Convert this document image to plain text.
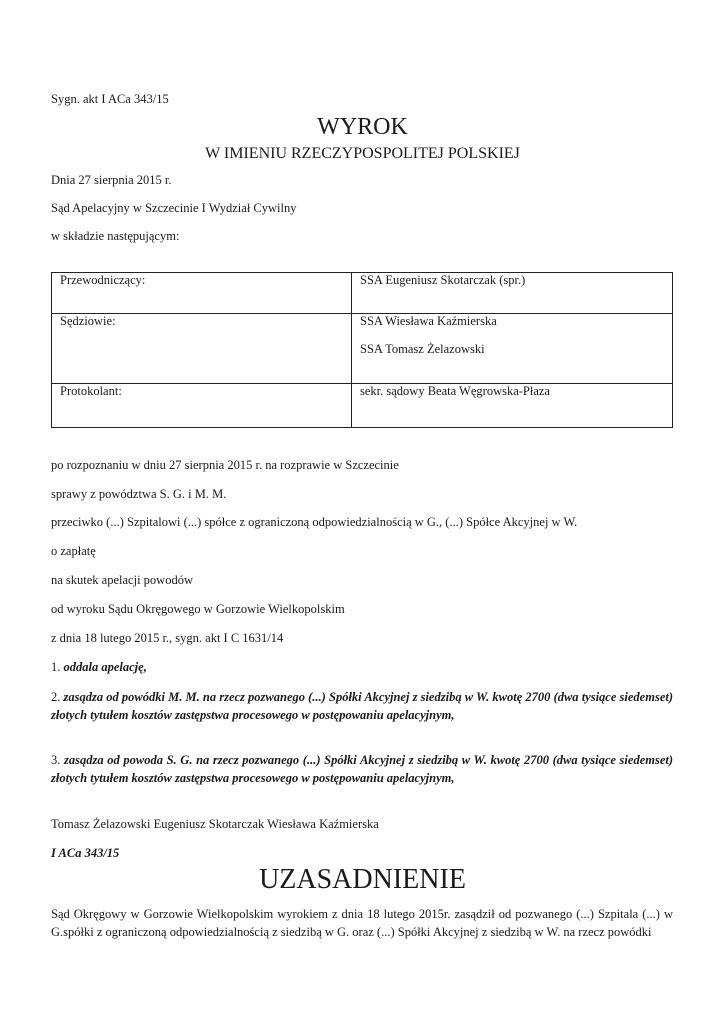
Sygn. akt I ACa 343/15
WYROK
W IMIENIU RZECZYPOSPOLITEJ POLSKIEJ
Dnia 27 sierpnia 2015 r.
Sąd Apelacyjny w Szczecinie I Wydział Cywilny
w składzie następującym:
Przewodniczący:	SSA Eugeniusz Skotarczak (spr.)
Sędziowie:	SSA Wiesława Kaźmierska
SSA Tomasz Żelazowski

Protokolant:	sekr. sądowy Beata Węgrowska-Płaza
po rozpoznaniu w dniu 27 sierpnia 2015 r. na rozprawie w Szczecinie
sprawy z powództwa S. G. i M. M.
przeciwko (...) Szpitalowi (...) spółce z ograniczoną odpowiedzialnością w G., (...) Spółce Akcyjnej w W.
o zapłatę
na skutek apelacji powodów
od wyroku Sądu Okręgowego w Gorzowie Wielkopolskim
z dnia 18 lutego 2015 r., sygn. akt I C 1631/14
1. oddala apelację,
2. zasądza od powódki M. M. na rzecz pozwanego (...) Spółki Akcyjnej z siedzibą w W. kwotę 2700 (dwa tysiące siedemset) złotych tytułem kosztów zastępstwa procesowego w postępowaniu apelacyjnym,
3. zasądza od powoda S. G. na rzecz pozwanego (...) Spółki Akcyjnej z siedzibą w W. kwotę 2700 (dwa tysiące siedemset) złotych tytułem kosztów zastępstwa procesowego w postępowaniu apelacyjnym,
Tomasz Żelazowski Eugeniusz Skotarczak Wiesława Kaźmierska
I ACa 343/15
UZASADNIENIE
Sąd Okręgowy w Gorzowie Wielkopolskim wyrokiem z dnia 18 lutego 2015r. zasądził od pozwanego (...) Szpitala (...) w G.spółki z ograniczoną odpowiedzialnością z siedzibą w G. oraz (...) Spółki Akcyjnej z siedzibą w W. na rzecz powódki
